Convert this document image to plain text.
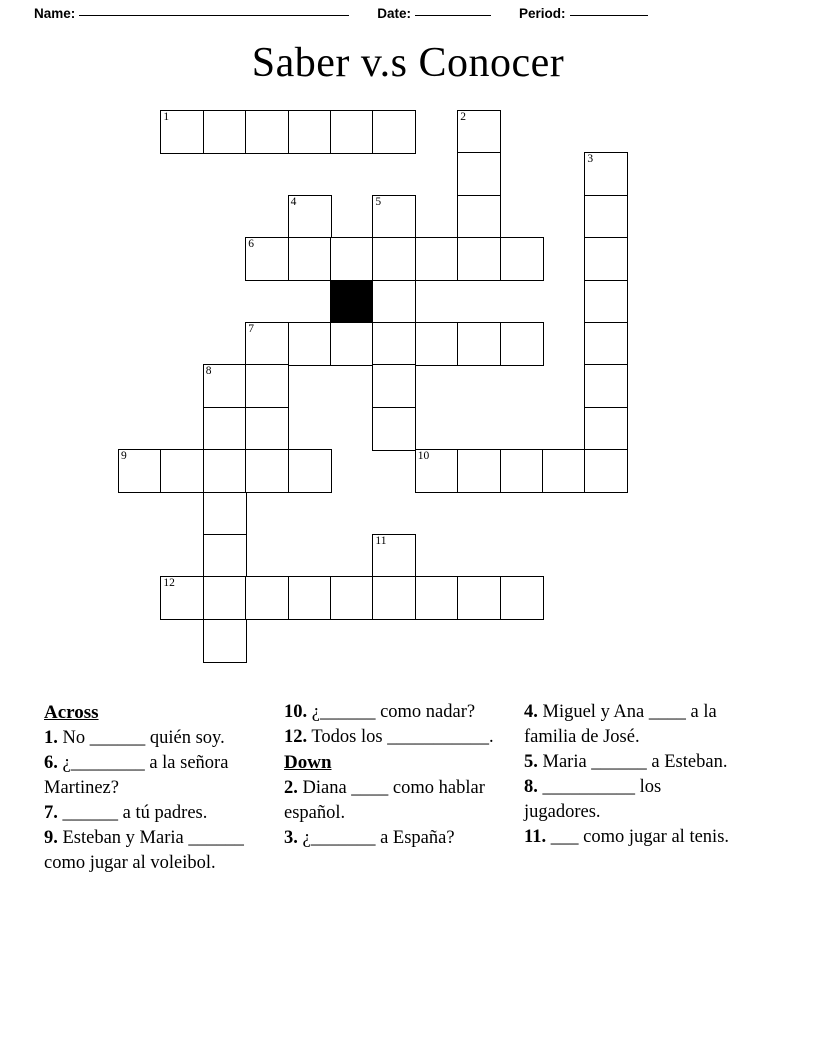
Name:	Date:	Period:
Saber v.s Conocer
1	2
3
4	5
6
7
8
9	10
11
12
Across

1. No ______ quién soy.

6. ¿________ a la señora Martinez?

7. ______ a tú padres.

9. Esteban y Maria ______ como jugar al voleibol.

10. ¿______ como nadar?

12. Todos los ___________.

Down

2. Diana ____ como hablar español.

3. ¿_______ a España?

4. Miguel y Ana ____ a la familia de José.

5. Maria ______ a Esteban.

8. __________ los jugadores.

11. ___ como jugar al tenis.
